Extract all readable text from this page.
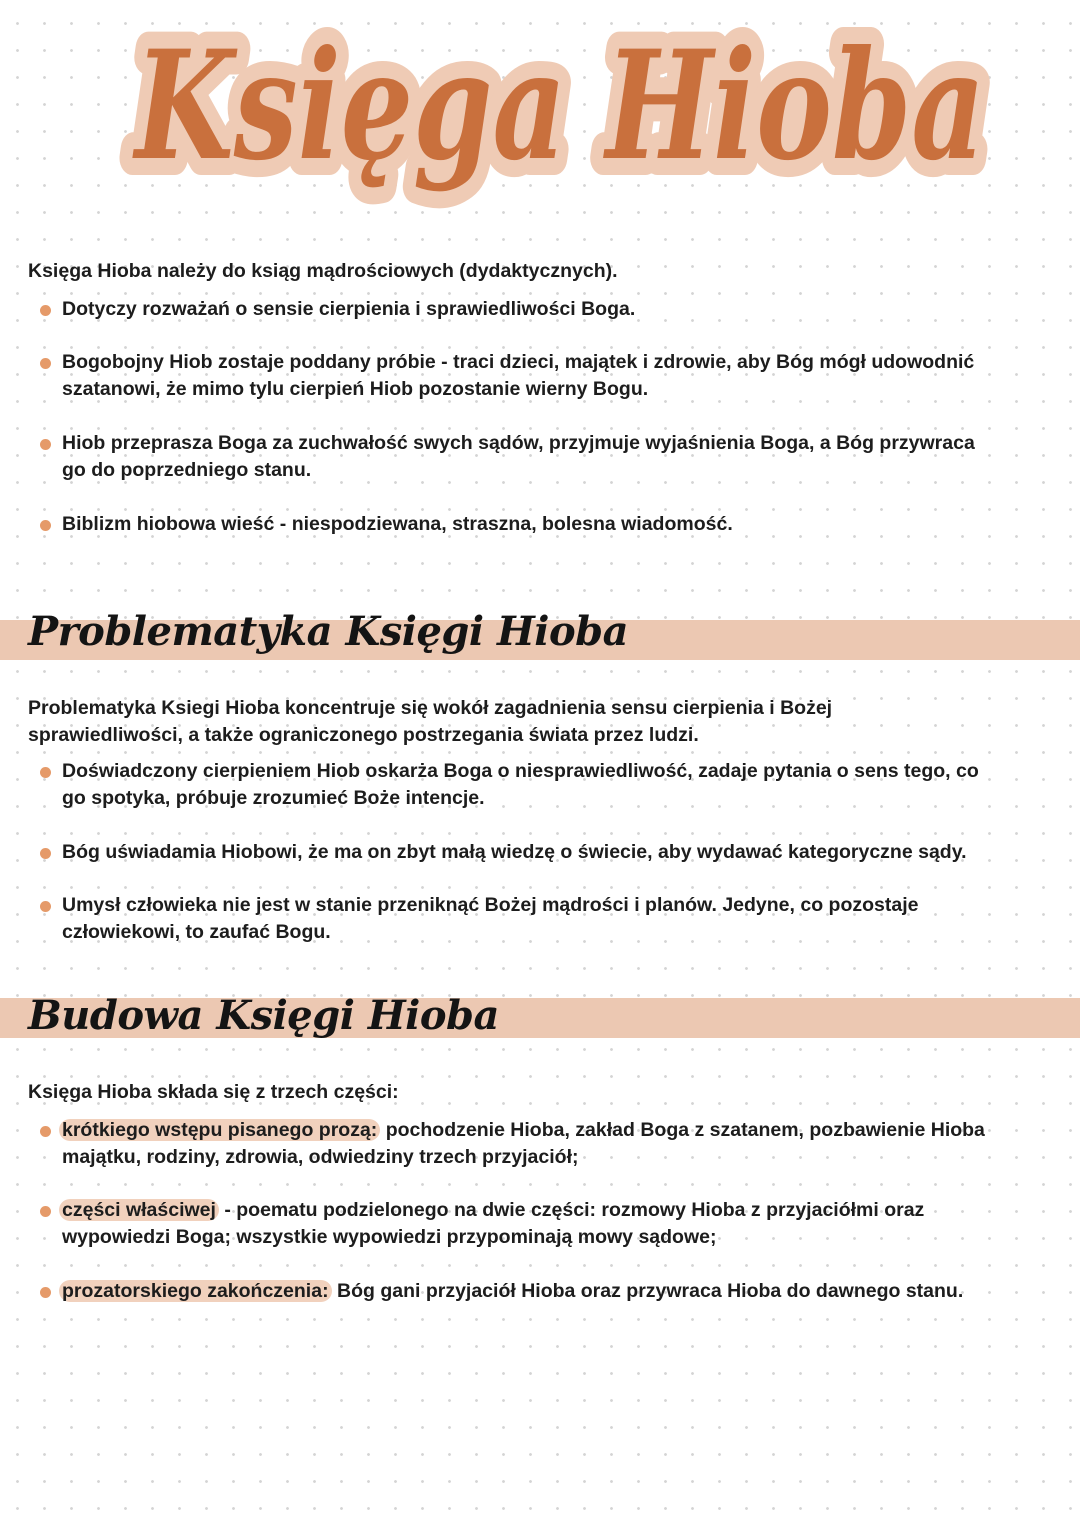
Księga Hioba
Księga Hioba
Księga Hioba należy do ksiąg mądrościowych (dydaktycznych).
Dotyczy rozważań o sensie cierpienia i sprawiedliwości Boga.
Bogobojny Hiob zostaje poddany próbie - traci dzieci, majątek i zdrowie, aby Bóg mógł udowodnić
szatanowi, że mimo tylu cierpień Hiob pozostanie wierny Bogu.
Hiob przeprasza Boga za zuchwałość swych sądów, przyjmuje wyjaśnienia Boga, a Bóg przywraca
go do poprzedniego stanu.
Biblizm hiobowa wieść - niespodziewana, straszna, bolesna wiadomość.
Problematyka Księgi Hioba
Problematyka Ksiegi Hioba koncentruje się wokół zagadnienia sensu cierpienia i Bożej
sprawiedliwości, a także ograniczonego postrzegania świata przez ludzi.
Doświadczony cierpieniem Hiob oskarża Boga o niesprawiedliwość, zadaje pytania o sens tego, co
go spotyka, próbuje zrozumieć Boże intencje.
Bóg uświadamia Hiobowi, że ma on zbyt małą wiedzę o świecie, aby wydawać kategoryczne sądy.
Umysł człowieka nie jest w stanie przeniknąć Bożej mądrości i planów. Jedyne, co pozostaje
człowiekowi, to zaufać Bogu.
Budowa Księgi Hioba
Księga Hioba składa się z trzech części:
krótkiego wstępu pisanego prozą: pochodzenie Hioba, zakład Boga z szatanem, pozbawienie Hioba
majątku, rodziny, zdrowia, odwiedziny trzech przyjaciół;
części właściwej - poematu podzielonego na dwie części: rozmowy Hioba z przyjaciółmi oraz
wypowiedzi Boga; wszystkie wypowiedzi przypominają mowy sądowe;
prozatorskiego zakończenia: Bóg gani przyjaciół Hioba oraz przywraca Hioba do dawnego stanu.
